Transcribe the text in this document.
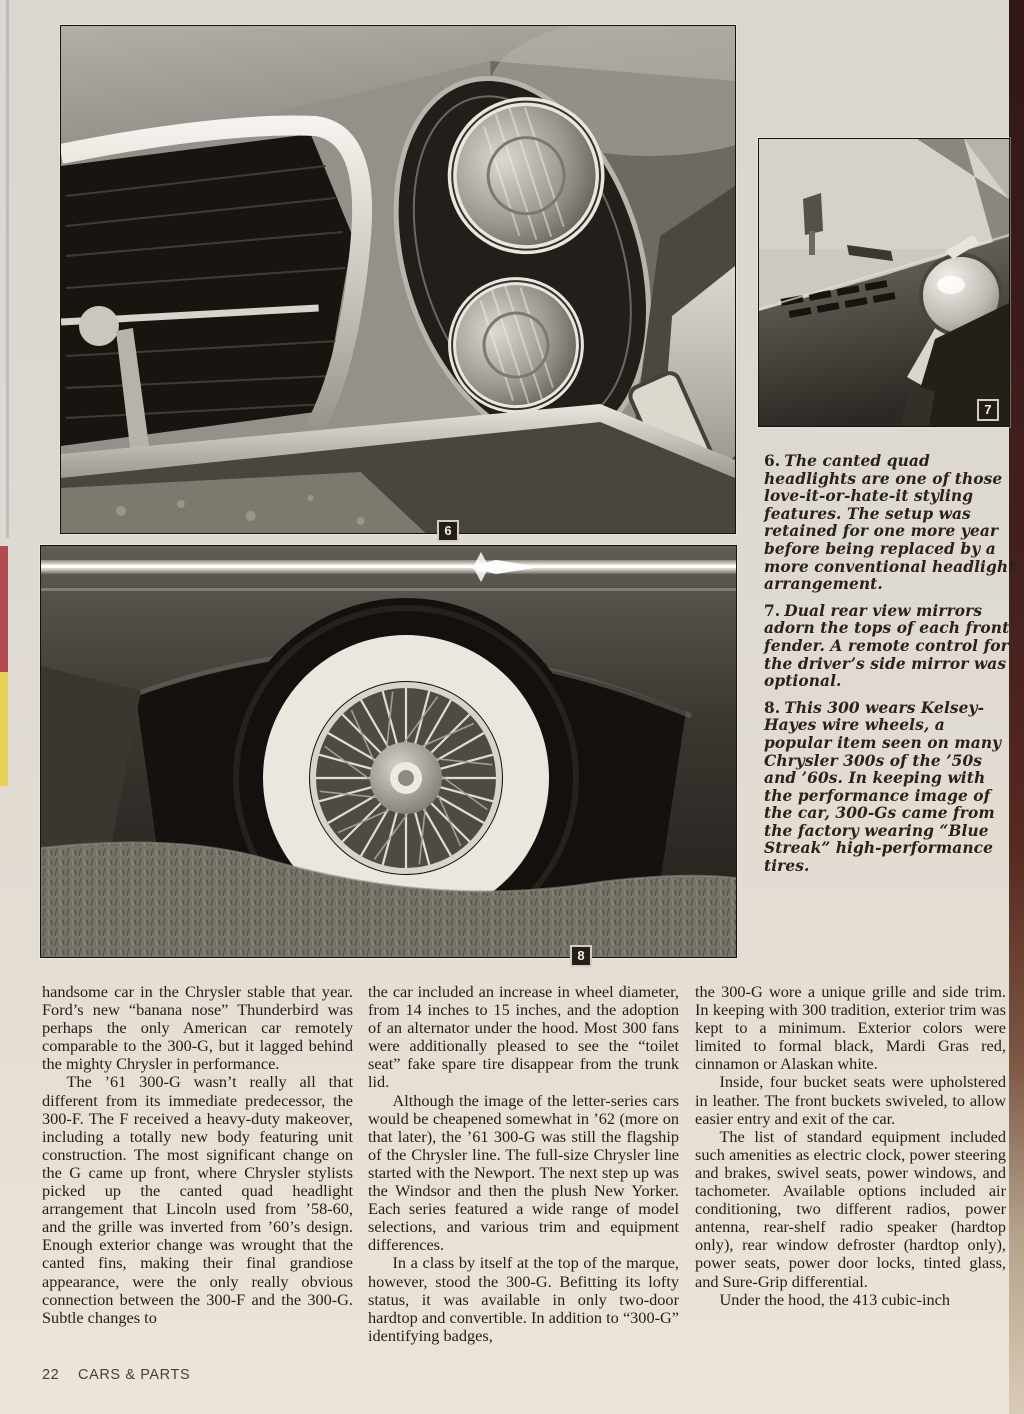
6
7
8

6. The canted quad headlights are one of those love-it-or-hate-it styling features. The setup was retained for one more year before being replaced by a more conventional headlight arrangement.

7. Dual rear view mirrors adorn the tops of each front fender. A remote control for the driver’s side mirror was optional.

8. This 300 wears Kelsey-Hayes wire wheels, a popular item seen on many Chrysler 300s of the ’50s and ’60s. In keeping with the performance image of the car, 300-Gs came from the factory wearing “Blue Streak” high-performance tires.

handsome car in the Chrysler stable that year. Ford’s new “banana nose” Thunderbird was perhaps the only American car remotely comparable to the 300-G, but it lagged behind the mighty Chrysler in performance.

The ’61 300-G wasn’t really all that different from its immediate predecessor, the 300-F. The F received a heavy-duty makeover, including a totally new body featuring unit construction. The most significant change on the G came up front, where Chrysler stylists picked up the canted quad headlight arrangement that Lincoln used from ’58-60, and the grille was inverted from ’60’s design. Enough exterior change was wrought that the canted fins, making their final grandiose appearance, were the only really obvious connection between the 300-F and the 300-G. Subtle changes to

the car included an increase in wheel diameter, from 14 inches to 15 inches, and the adoption of an alternator under the hood. Most 300 fans were additionally pleased to see the “toilet seat” fake spare tire disappear from the trunk lid.

Although the image of the letter-series cars would be cheapened somewhat in ’62 (more on that later), the ’61 300-G was still the flagship of the Chrysler line. The full-size Chrysler line started with the Newport. The next step up was the Windsor and then the plush New Yorker. Each series featured a wide range of model selections, and various trim and equipment differences.

In a class by itself at the top of the marque, however, stood the 300-G. Befitting its lofty status, it was available in only two-door hardtop and convertible. In addition to “300-G” identifying badges,

the 300-G wore a unique grille and side trim. In keeping with 300 tradition, exterior trim was kept to a minimum. Exterior colors were limited to formal black, Mardi Gras red, cinnamon or Alaskan white.

Inside, four bucket seats were upholstered in leather. The front buckets swiveled, to allow easier entry and exit of the car.

The list of standard equipment included such amenities as electric clock, power steering and brakes, swivel seats, power windows, and tachometer. Available options included air conditioning, two different radios, power antenna, rear-shelf radio speaker (hardtop only), rear window defroster (hardtop only), power seats, power door locks, tinted glass, and Sure-Grip differential.

Under the hood, the 413 cubic-inch

22 CARS & PARTS
